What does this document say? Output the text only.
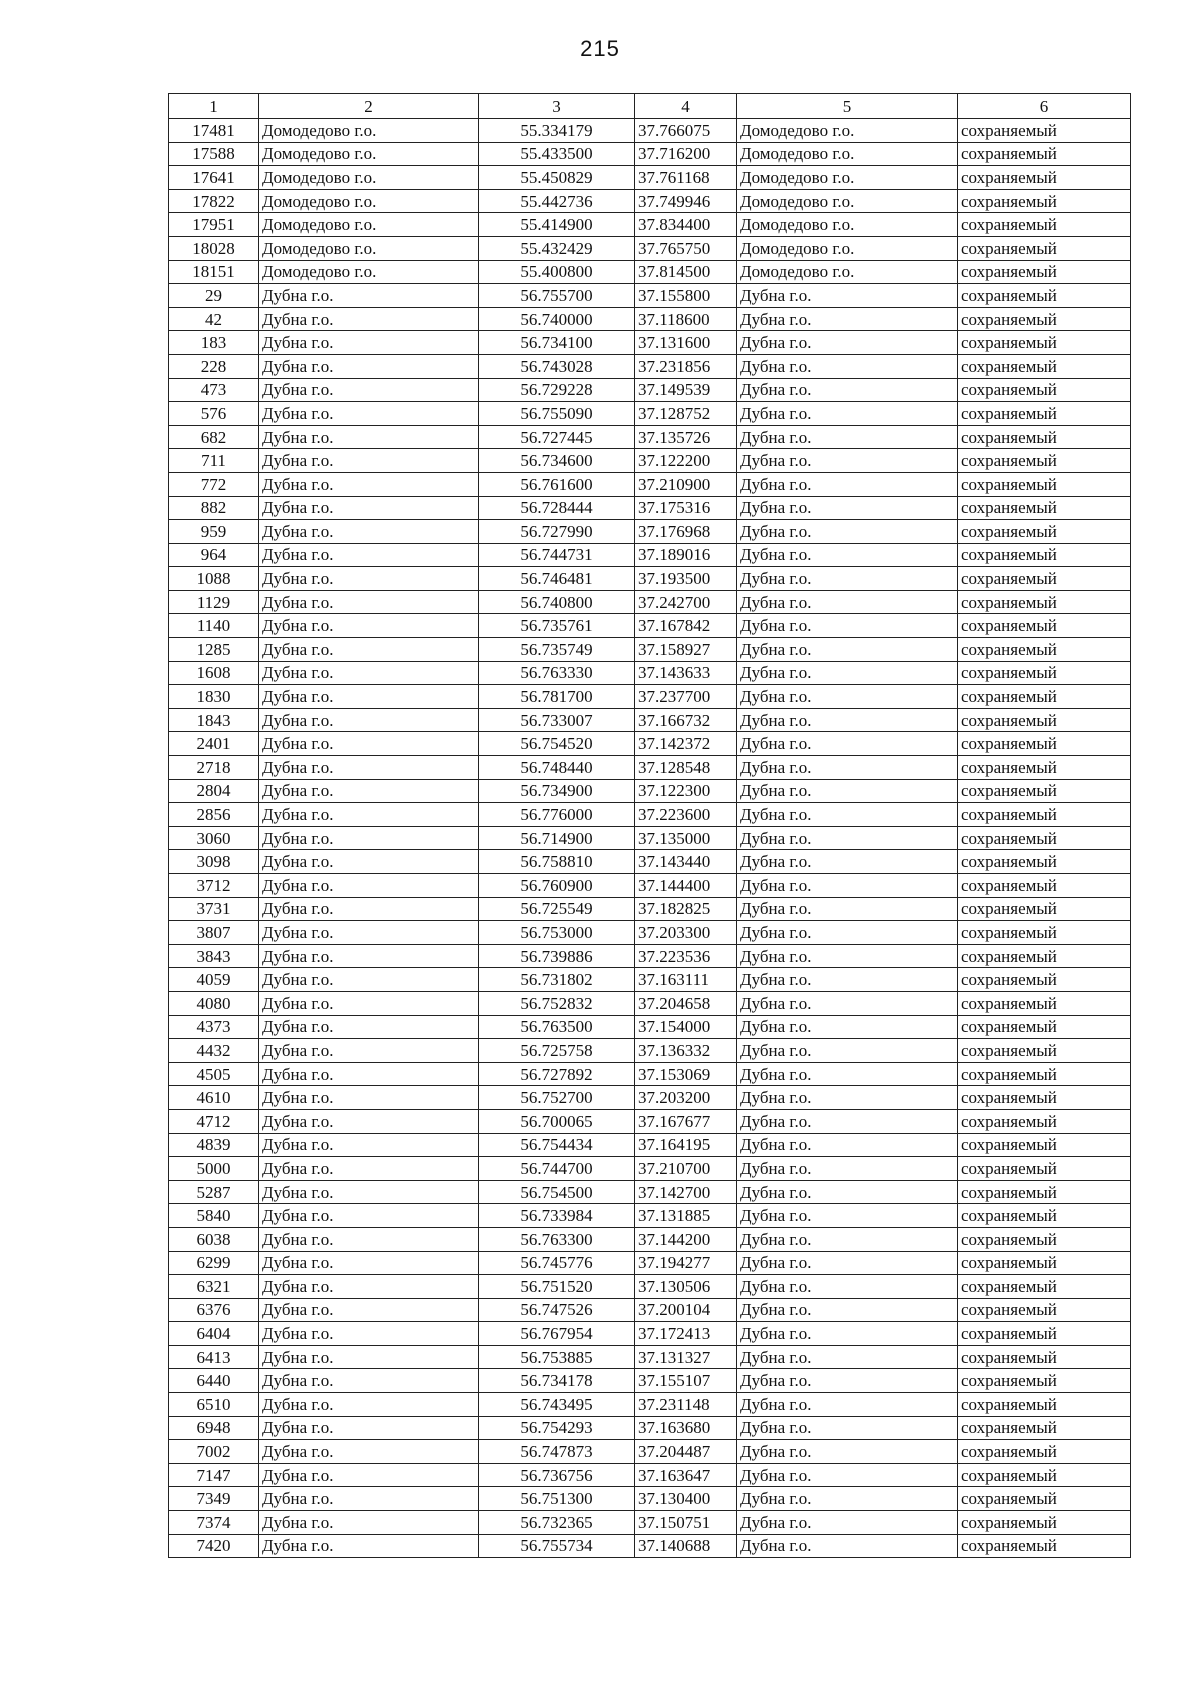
215
1	2	3	4	5	6
17481	Домодедово г.о.	55.334179	37.766075	Домодедово г.о.	сохраняемый
17588	Домодедово г.о.	55.433500	37.716200	Домодедово г.о.	сохраняемый
17641	Домодедово г.о.	55.450829	37.761168	Домодедово г.о.	сохраняемый
17822	Домодедово г.о.	55.442736	37.749946	Домодедово г.о.	сохраняемый
17951	Домодедово г.о.	55.414900	37.834400	Домодедово г.о.	сохраняемый
18028	Домодедово г.о.	55.432429	37.765750	Домодедово г.о.	сохраняемый
18151	Домодедово г.о.	55.400800	37.814500	Домодедово г.о.	сохраняемый
29	Дубна г.о.	56.755700	37.155800	Дубна г.о.	сохраняемый
42	Дубна г.о.	56.740000	37.118600	Дубна г.о.	сохраняемый
183	Дубна г.о.	56.734100	37.131600	Дубна г.о.	сохраняемый
228	Дубна г.о.	56.743028	37.231856	Дубна г.о.	сохраняемый
473	Дубна г.о.	56.729228	37.149539	Дубна г.о.	сохраняемый
576	Дубна г.о.	56.755090	37.128752	Дубна г.о.	сохраняемый
682	Дубна г.о.	56.727445	37.135726	Дубна г.о.	сохраняемый
711	Дубна г.о.	56.734600	37.122200	Дубна г.о.	сохраняемый
772	Дубна г.о.	56.761600	37.210900	Дубна г.о.	сохраняемый
882	Дубна г.о.	56.728444	37.175316	Дубна г.о.	сохраняемый
959	Дубна г.о.	56.727990	37.176968	Дубна г.о.	сохраняемый
964	Дубна г.о.	56.744731	37.189016	Дубна г.о.	сохраняемый
1088	Дубна г.о.	56.746481	37.193500	Дубна г.о.	сохраняемый
1129	Дубна г.о.	56.740800	37.242700	Дубна г.о.	сохраняемый
1140	Дубна г.о.	56.735761	37.167842	Дубна г.о.	сохраняемый
1285	Дубна г.о.	56.735749	37.158927	Дубна г.о.	сохраняемый
1608	Дубна г.о.	56.763330	37.143633	Дубна г.о.	сохраняемый
1830	Дубна г.о.	56.781700	37.237700	Дубна г.о.	сохраняемый
1843	Дубна г.о.	56.733007	37.166732	Дубна г.о.	сохраняемый
2401	Дубна г.о.	56.754520	37.142372	Дубна г.о.	сохраняемый
2718	Дубна г.о.	56.748440	37.128548	Дубна г.о.	сохраняемый
2804	Дубна г.о.	56.734900	37.122300	Дубна г.о.	сохраняемый
2856	Дубна г.о.	56.776000	37.223600	Дубна г.о.	сохраняемый
3060	Дубна г.о.	56.714900	37.135000	Дубна г.о.	сохраняемый
3098	Дубна г.о.	56.758810	37.143440	Дубна г.о.	сохраняемый
3712	Дубна г.о.	56.760900	37.144400	Дубна г.о.	сохраняемый
3731	Дубна г.о.	56.725549	37.182825	Дубна г.о.	сохраняемый
3807	Дубна г.о.	56.753000	37.203300	Дубна г.о.	сохраняемый
3843	Дубна г.о.	56.739886	37.223536	Дубна г.о.	сохраняемый
4059	Дубна г.о.	56.731802	37.163111	Дубна г.о.	сохраняемый
4080	Дубна г.о.	56.752832	37.204658	Дубна г.о.	сохраняемый
4373	Дубна г.о.	56.763500	37.154000	Дубна г.о.	сохраняемый
4432	Дубна г.о.	56.725758	37.136332	Дубна г.о.	сохраняемый
4505	Дубна г.о.	56.727892	37.153069	Дубна г.о.	сохраняемый
4610	Дубна г.о.	56.752700	37.203200	Дубна г.о.	сохраняемый
4712	Дубна г.о.	56.700065	37.167677	Дубна г.о.	сохраняемый
4839	Дубна г.о.	56.754434	37.164195	Дубна г.о.	сохраняемый
5000	Дубна г.о.	56.744700	37.210700	Дубна г.о.	сохраняемый
5287	Дубна г.о.	56.754500	37.142700	Дубна г.о.	сохраняемый
5840	Дубна г.о.	56.733984	37.131885	Дубна г.о.	сохраняемый
6038	Дубна г.о.	56.763300	37.144200	Дубна г.о.	сохраняемый
6299	Дубна г.о.	56.745776	37.194277	Дубна г.о.	сохраняемый
6321	Дубна г.о.	56.751520	37.130506	Дубна г.о.	сохраняемый
6376	Дубна г.о.	56.747526	37.200104	Дубна г.о.	сохраняемый
6404	Дубна г.о.	56.767954	37.172413	Дубна г.о.	сохраняемый
6413	Дубна г.о.	56.753885	37.131327	Дубна г.о.	сохраняемый
6440	Дубна г.о.	56.734178	37.155107	Дубна г.о.	сохраняемый
6510	Дубна г.о.	56.743495	37.231148	Дубна г.о.	сохраняемый
6948	Дубна г.о.	56.754293	37.163680	Дубна г.о.	сохраняемый
7002	Дубна г.о.	56.747873	37.204487	Дубна г.о.	сохраняемый
7147	Дубна г.о.	56.736756	37.163647	Дубна г.о.	сохраняемый
7349	Дубна г.о.	56.751300	37.130400	Дубна г.о.	сохраняемый
7374	Дубна г.о.	56.732365	37.150751	Дубна г.о.	сохраняемый
7420	Дубна г.о.	56.755734	37.140688	Дубна г.о.	сохраняемый
